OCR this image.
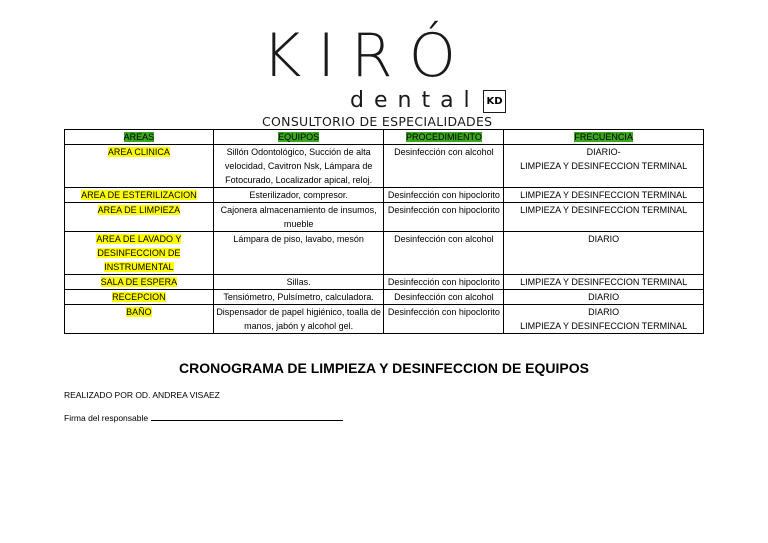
KIRÓ
dental KD
CONSULTORIO DE ESPECIALIDADES
AREAS	EQUIPOS	PROCEDIMIENTO	FRECUENCIA
AREA CLINICA	Sillón Odontológico, Succión de alta velocidad, Cavitron Nsk, Lámpara de Fotocurado, Localizador apical, reloj.	Desinfección con alcohol	DIARIO-
LIMPIEZA Y DESINFECCION TERMINAL
AREA DE ESTERILIZACION	Esterilizador, compresor.	Desinfección con hipoclorito	LIMPIEZA Y DESINFECCION TERMINAL
AREA DE LIMPIEZA	Cajonera almacenamiento de insumos, mueble	Desinfección con hipoclorito	LIMPIEZA Y DESINFECCION TERMINAL
AREA DE LAVADO Y DESINFECCION DE INSTRUMENTAL	Lámpara de piso, lavabo, mesón	Desinfección con alcohol	DIARIO
SALA DE ESPERA	Sillas.	Desinfección con hipoclorito	LIMPIEZA Y DESINFECCION TERMINAL
RECEPCION	Tensiómetro, Pulsímetro, calculadora.	Desinfección con alcohol	DIARIO
BAÑO	Dispensador de papel higiénico, toalla de manos, jabón y alcohol gel.	Desinfección con hipoclorito	DIARIO
LIMPIEZA Y DESINFECCION TERMINAL
CRONOGRAMA DE LIMPIEZA Y DESINFECCION DE EQUIPOS
REALIZADO POR OD. ANDREA VISAEZ
Firma del responsable
